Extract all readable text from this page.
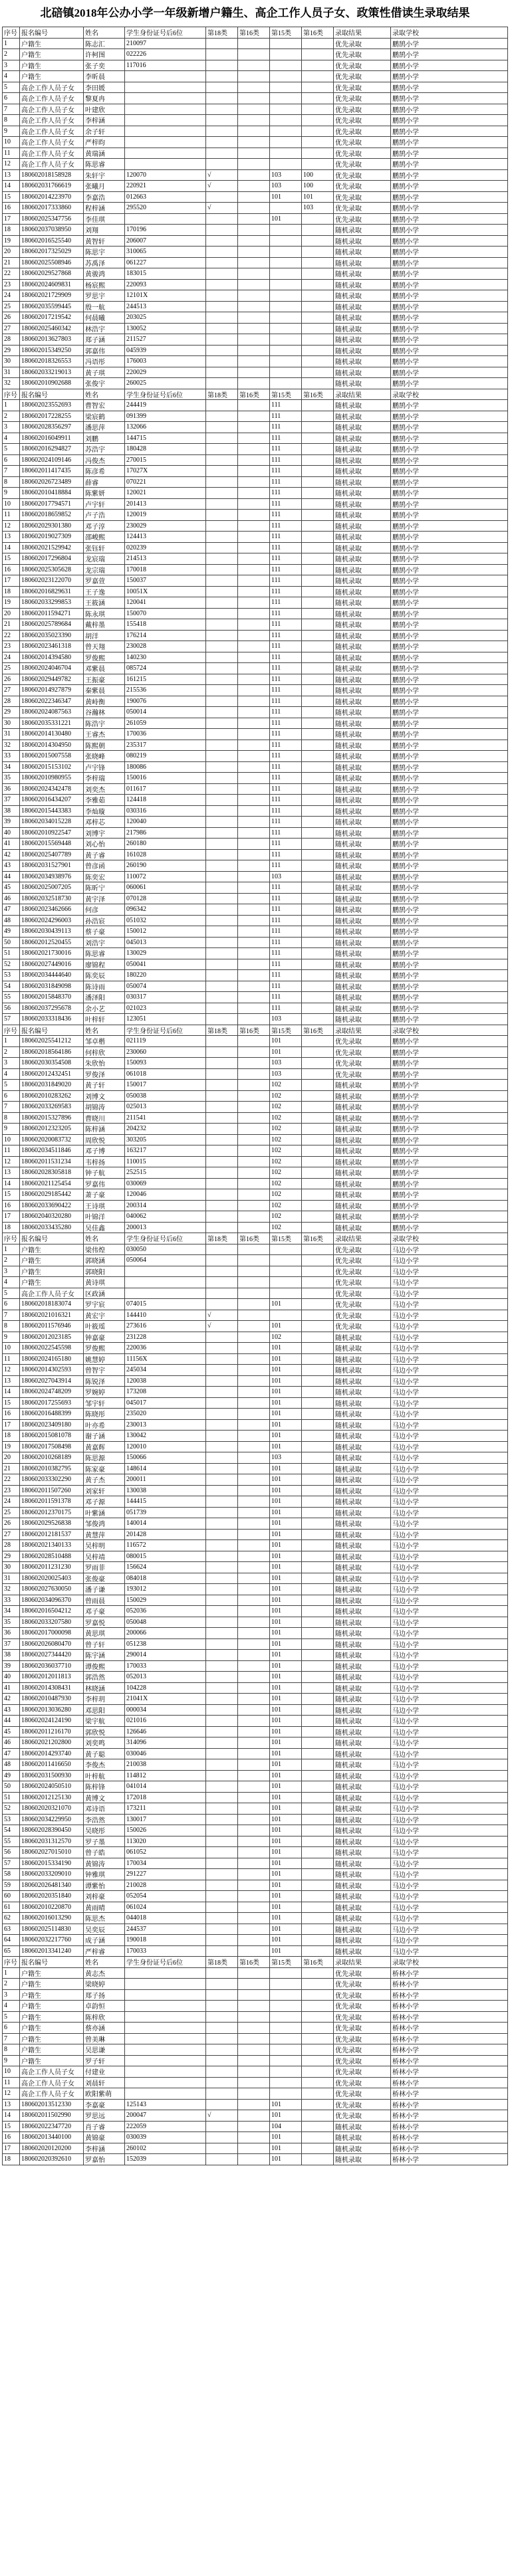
北碚镇2018年公办小学一年级新增户籍生、高企工作人员子女、政策性借读生录取结果
序号	报名编号	姓名	学生身份证号后6位	第18类	第16类	第15类	第16类	录取结果	录取学校
1	户籍生	陈志汇	210097					优先录取	鹏鹄小学
2	户籍生	许柯图	022226					优先录取	鹏鹄小学
3	户籍生	张子奕	117016					优先录取	鹏鹄小学
4	户籍生	李昕晨						优先录取	鹏鹄小学
5	高企工作人员子女	李田媛						优先录取	鹏鹄小学
6	高企工作人员子女	黎夏冉						优先录取	鹏鹄小学
7	高企工作人员子女	叶建欣						优先录取	鹏鹄小学
8	高企工作人员子女	李梓涵						优先录取	鹏鹄小学
9	高企工作人员子女	余子轩						优先录取	鹏鹄小学
10	高企工作人员子女	严梓昀						优先录取	鹏鹄小学
11	高企工作人员子女	黄瑞涵						优先录取	鹏鹄小学
12	高企工作人员子女	陈思睿						优先录取	鹏鹄小学
13	180602018158928	朱轩宇	120070	√		103	100	优先录取	鹏鹄小学
14	180602031766619	张曦月	220921	√		103	100	优先录取	鹏鹄小学
15	180602014223970	李嘉浩	012663			101	101	优先录取	鹏鹄小学
16	180602017333860	程梓涵	295520	√			103	优先录取	鹏鹄小学
17	180602025347756	李佳琪				101		优先录取	鹏鹄小学
18	180602037038950	刘翔	170196					随机录取	鹏鹄小学
19	180602016525540	黄智轩	206007					随机录取	鹏鹄小学
20	180602017325029	陈思宇	310065					随机录取	鹏鹄小学
21	180602025508946	苏禹泽	061227					随机录取	鹏鹄小学
22	180602029527868	黄骏鸿	183015					随机录取	鹏鹄小学
23	180602024609831	杨宸熙	220093					随机录取	鹏鹄小学
24	180602021729909	罗思宇	12101X					随机录取	鹏鹄小学
25	180602035599445	殷一航	244513					随机录取	鹏鹄小学
26	180602017219542	何晨曦	203025					随机录取	鹏鹄小学
27	180602025460342	林浩宇	130052					随机录取	鹏鹄小学
28	180602013627803	郑子涵	211527					随机录取	鹏鹄小学
29	180602015349250	郭嘉伟	045939					随机录取	鹏鹄小学
30	180602018326553	冯语彤	176003					随机录取	鹏鹄小学
31	180602033219013	黄子琪	220029					随机录取	鹏鹄小学
32	180602010902688	张俊宇	260025					随机录取	鹏鹄小学
序号	报名编号	姓名	学生身份证号后6位	第18类	第16类	第15类	第16类	录取结果	录取学校
1	180602023552693	曹智宏	244419			111		随机录取	鹏鹄小学
2	180602017228255	梁宸鹤	091399			111		随机录取	鹏鹄小学
3	180602028356297	潘思萍	132066			111		随机录取	鹏鹄小学
4	180602016049911	刘鹏	144715			111		随机录取	鹏鹄小学
5	180602016294827	苏浩宇	180428			111		随机录取	鹏鹄小学
6	180602024109146	冯俊杰	270015			111		随机录取	鹏鹄小学
7	180602011417435	陈彦希	17027X			111		随机录取	鹏鹄小学
8	180602026723489	薛睿	070221			111		随机录取	鹏鹄小学
9	180602010418884	陈紫妍	120021			111		随机录取	鹏鹄小学
10	180602017794571	卢宇轩	201413			111		随机录取	鹏鹄小学
11	180602018659852	卢子浩	120019			111		随机录取	鹏鹄小学
12	180602029301380	邓子淳	230029			111		随机录取	鹏鹄小学
13	180602019027309	邵峻熙	124413			111		随机录取	鹏鹄小学
14	180602021529942	张钰轩	020239			111		随机录取	鹏鹄小学
15	180602017296804	龙宸瑞	214513			111		随机录取	鹏鹄小学
16	180602025305628	龙宗瑞	170018			111		随机录取	鹏鹄小学
17	180602023122070	罗嘉萱	150037			111		随机录取	鹏鹄小学
18	180602016829631	王子逸	10051X			111		随机录取	鹏鹄小学
19	180602033299853	王筱涵	120041			111		随机录取	鹏鹄小学
20	180602011594271	陈永琪	150070			111		随机录取	鹏鹄小学
21	180602025789684	戴梓墨	155418			111		随机录取	鹏鹄小学
22	180602035023390	胡洋	176214			111		随机录取	鹏鹄小学
23	180602023461318	曾天翔	230028			111		随机录取	鹏鹄小学
24	180602014394580	罗俊熙	140230			111		随机录取	鹏鹄小学
25	180602024046704	邓紫晨	085724			111		随机录取	鹏鹄小学
26	180602029449782	王振豪	161215			111		随机录取	鹏鹄小学
27	180602014927879	秦紫晨	215536			111		随机录取	鹏鹄小学
28	180602022346347	黄峙衡	190076			111		随机录取	鹏鹄小学
29	180602024087563	谷瀚林	050014			111		随机录取	鹏鹄小学
30	180602035331221	陈浩宇	261059			111		随机录取	鹏鹄小学
31	180602014130480	王睿杰	170036			111		随机录取	鹏鹄小学
32	180602014304950	陈熙朝	235317			111		随机录取	鹏鹄小学
33	180602015007558	张晓峰	080219			111		随机录取	鹏鹄小学
34	180602015153102	卢宇锋	180086			111		随机录取	鹏鹄小学
35	180602010980955	李梓瑞	150016			111		随机录取	鹏鹄小学
36	180602024342478	刘奕杰	011617			111		随机录取	鹏鹄小学
37	180602016434207	李雅茹	124418			111		随机录取	鹏鹄小学
38	180602015443383	李灿璇	030316			111		随机录取	鹏鹄小学
39	180602034015228	邓梓芯	120040			111		随机录取	鹏鹄小学
40	180602010922547	刘博宇	217986			111		随机录取	鹏鹄小学
41	180602015569448	刘心怡	260180			111		随机录取	鹏鹄小学
42	180602025407789	黄子睿	161028			111		随机录取	鹏鹄小学
43	180602031527901	曾彦函	260190			111		随机录取	鹏鹄小学
44	180602034938976	陈奕宏	110072			103		随机录取	鹏鹄小学
45	180602025007205	陈昕宁	060061			111		随机录取	鹏鹄小学
46	180602032518730	黄宇泽	070128			111		随机录取	鹏鹄小学
47	180602023462666	何彦	096342			111		随机录取	鹏鹄小学
48	180602024296003	孙浩宸	051032			111		随机录取	鹏鹄小学
49	180602030439113	蔡子豪	150012			111		随机录取	鹏鹄小学
50	180602012520455	刘浩宇	045013			111		随机录取	鹏鹄小学
51	180602021730016	陈思睿	130029			111		随机录取	鹏鹄小学
52	180602027449016	廖锦程	050041			111		随机录取	鹏鹄小学
53	180602034444640	陈奕辰	180220			111		随机录取	鹏鹄小学
54	180602031849098	陈诗雨	050074			111		随机录取	鹏鹄小学
55	180602015848370	潘泽阳	030317			111		随机录取	鹏鹄小学
56	180602037295678	余小艺	021023			111		随机录取	鹏鹄小学
57	180602033318436	叶梓轩	123051			103		随机录取	鹏鹄小学
序号	报名编号	姓名	学生身份证号后6位	第18类	第16类	第15类	第16类	录取结果	录取学校
1	180602025541212	邹卓楷	021119			101		优先录取	鹏鹄小学
2	180602018564186	何梓欣	230060			101		优先录取	鹏鹄小学
3	180602030354508	朱欣怡	150093			103		优先录取	鹏鹄小学
4	180602012432451	罗俊泽	061018			103		优先录取	鹏鹄小学
5	180602031849020	黄子轩	150017			102		随机录取	鹏鹄小学
6	180602010283262	刘博文	050038			102		随机录取	鹏鹄小学
7	180602033269583	胡锦涛	025013			102		随机录取	鹏鹄小学
8	180602015327896	曹晓川	211541			102		随机录取	鹏鹄小学
9	180602012323205	陈梓涵	204232			102		随机录取	鹏鹄小学
10	180602020083732	周欣悦	303205			102		随机录取	鹏鹄小学
11	180602034511846	邓子博	163217			102		随机录取	鹏鹄小学
12	180602011531234	韦梓扬	110015			102		随机录取	鹏鹄小学
13	180602028305818	钟子航	252515			102		随机录取	鹏鹄小学
14	180602021125454	罗嘉伟	030069			102		随机录取	鹏鹄小学
15	180602029185442	萧子豪	120046			102		随机录取	鹏鹄小学
16	180602033690422	王诗琪	200314			102		随机录取	鹏鹄小学
17	180602040320280	叶锦洋	040062			102		随机录取	鹏鹄小学
18	180602033435280	吴佳鑫	200013			102		随机录取	鹏鹄小学
序号	报名编号	姓名	学生身份证号后6位	第18类	第16类	第15类	第16类	录取结果	录取学校
1	户籍生	梁伟煌	030050					优先录取	马边小学
2	户籍生	郭晓涵	050064					优先录取	马边小学
3	户籍生	郭晓阳						优先录取	马边小学
4	户籍生	黄诗琪						优先录取	马边小学
5	高企工作人员子女	区政涵						优先录取	马边小学
6	180602018183074	罗宇宸	074015			101		优先录取	马边小学
7	180602021016321	黄宏宇	144410	√				优先录取	马边小学
8	180602011576946	叶筱瑶	273616	√		101		优先录取	马边小学
9	180602012023185	钟嘉豪	231228			102		随机录取	马边小学
10	180602022545598	罗俊熙	220036			101		随机录取	马边小学
11	180602024165180	姚慧婷	11156X			101		随机录取	马边小学
12	180602014302593	曾智宇	245034			101		随机录取	马边小学
13	180602027043914	陈锐泽	120038			101		随机录取	马边小学
14	180602024748209	罗婉婷	173208			101		随机录取	马边小学
15	180602017255693	邹宇轩	045017			101		随机录取	马边小学
16	180602016488399	陈晓彤	235020			101		随机录取	马边小学
17	180602023409180	叶亦希	230013			101		随机录取	马边小学
18	180602015081078	谢子涵	130042			101		随机录取	马边小学
19	180602017508498	黄嘉辉	120010			101		随机录取	马边小学
20	180602010268189	陈思源	150066			103		随机录取	马边小学
21	180602010382795	陈家豪	148614			101		随机录取	马边小学
22	180602033302290	黄子杰	200011			101		随机录取	马边小学
23	180602011507260	刘家轩	130038			101		随机录取	马边小学
24	180602011591378	邓子源	144415			101		随机录取	马边小学
25	180602012370175	叶紫涵	051739			101		随机录取	马边小学
26	180602029526838	邹俊鸿	140014			101		随机录取	马边小学
27	180602012181537	黄慧萍	201428			101		随机录取	马边小学
28	180602021340133	吴梓明	116572			101		随机录取	马边小学
29	180602028510488	吴梓靖	080015			101		随机录取	马边小学
30	180602011231230	罗雨菲	156624			101		随机录取	马边小学
31	180602020025403	张俊豪	084018			101		随机录取	马边小学
32	180602027630050	潘子谦	193012			101		随机录取	马边小学
33	180602034096370	曾雨晨	150029			101		随机录取	马边小学
34	180602016504212	邓子豪	052036			101		随机录取	马边小学
35	180602033207580	罗嘉悦	050048			101		随机录取	马边小学
36	180602017000098	黄思琪	200066			101		随机录取	马边小学
37	180602026080470	曾子轩	051238			101		随机录取	马边小学
38	180602027344420	陈宇涵	290014			101		随机录取	马边小学
39	180602036037710	谭俊熙	170033			101		随机录取	马边小学
40	180602012011813	郭浩然	052013			101		随机录取	马边小学
41	180602014308431	林晓涵	104228			101		随机录取	马边小学
42	180602010487930	李梓玥	21041X			101		随机录取	马边小学
43	180602013036280	邓思阳	000034			101		随机录取	马边小学
44	180602024124190	梁宇航	021016			101		随机录取	马边小学
45	180602011216170	郭欣悦	126646			101		随机录取	马边小学
46	180602021202800	刘奕鸣	314096			101		随机录取	马边小学
47	180602014293740	黄子聪	030046			101		随机录取	马边小学
48	180602011416650	李俊杰	210038			101		随机录取	马边小学
49	180602031500930	叶梓航	114812			101		随机录取	马边小学
50	180602024050510	陈梓锋	041014			101		随机录取	马边小学
51	180602012125130	黄博文	172018			101		随机录取	马边小学
52	180602020321070	邓诗语	173211			101		随机录取	马边小学
53	180602034229950	李浩然	130017			101		随机录取	马边小学
54	180602028390450	吴晓彤	150026			101		随机录取	马边小学
55	180602031312570	罗子墨	113020			101		随机录取	马边小学
56	180602027015010	曾子皓	061052			101		随机录取	马边小学
57	180602015334190	黄锦涛	170034			101		随机录取	马边小学
58	180602033209010	钟雅琪	291227			101		随机录取	马边小学
59	180602026481340	谭紫怡	210028			101		随机录取	马边小学
60	180602020351840	刘梓豪	052054			101		随机录取	马边小学
61	180602010220870	黄雨晴	061024			101		随机录取	马边小学
62	180602016013290	陈思杰	044018			101		随机录取	马边小学
63	180602025114830	吴奕辰	244537			101		随机录取	马边小学
64	180602032217760	成子涵	190018			101		随机录取	马边小学
65	180602013341240	严梓睿	170033			101		随机录取	马边小学
序号	报名编号	姓名	学生身份证号后6位	第18类	第16类	第15类	第16类	录取结果	录取学校
1	户籍生	黄志杰						优先录取	桥林小学
2	户籍生	梁晓婷						优先录取	桥林小学
3	户籍生	郑子扬						优先录取	桥林小学
4	户籍生	卓韵恒						优先录取	桥林小学
5	户籍生	陈梓欣						优先录取	桥林小学
6	户籍生	蔡亦涵						优先录取	桥林小学
7	户籍生	曾美琳						优先录取	桥林小学
8	户籍生	吴思谦						优先录取	桥林小学
9	户籍生	罗子轩						优先录取	桥林小学
10	高企工作人员子女	付建业						优先录取	桥林小学
11	高企工作人员子女	刘晨轩						优先录取	桥林小学
12	高企工作人员子女	欧阳紫萌						优先录取	桥林小学
13	180602013512330	李嘉豪	125143			101		优先录取	桥林小学
14	180602011502990	罗思远	200047	√		101		优先录取	桥林小学
15	180602022347720	肖子睿	222059			104		随机录取	桥林小学
16	180602013440100	黄锦豪	030039			101		随机录取	桥林小学
17	180602020120200	李梓涵	260102			101		随机录取	桥林小学
18	180602020392610	罗嘉怡	152039			101		随机录取	桥林小学
